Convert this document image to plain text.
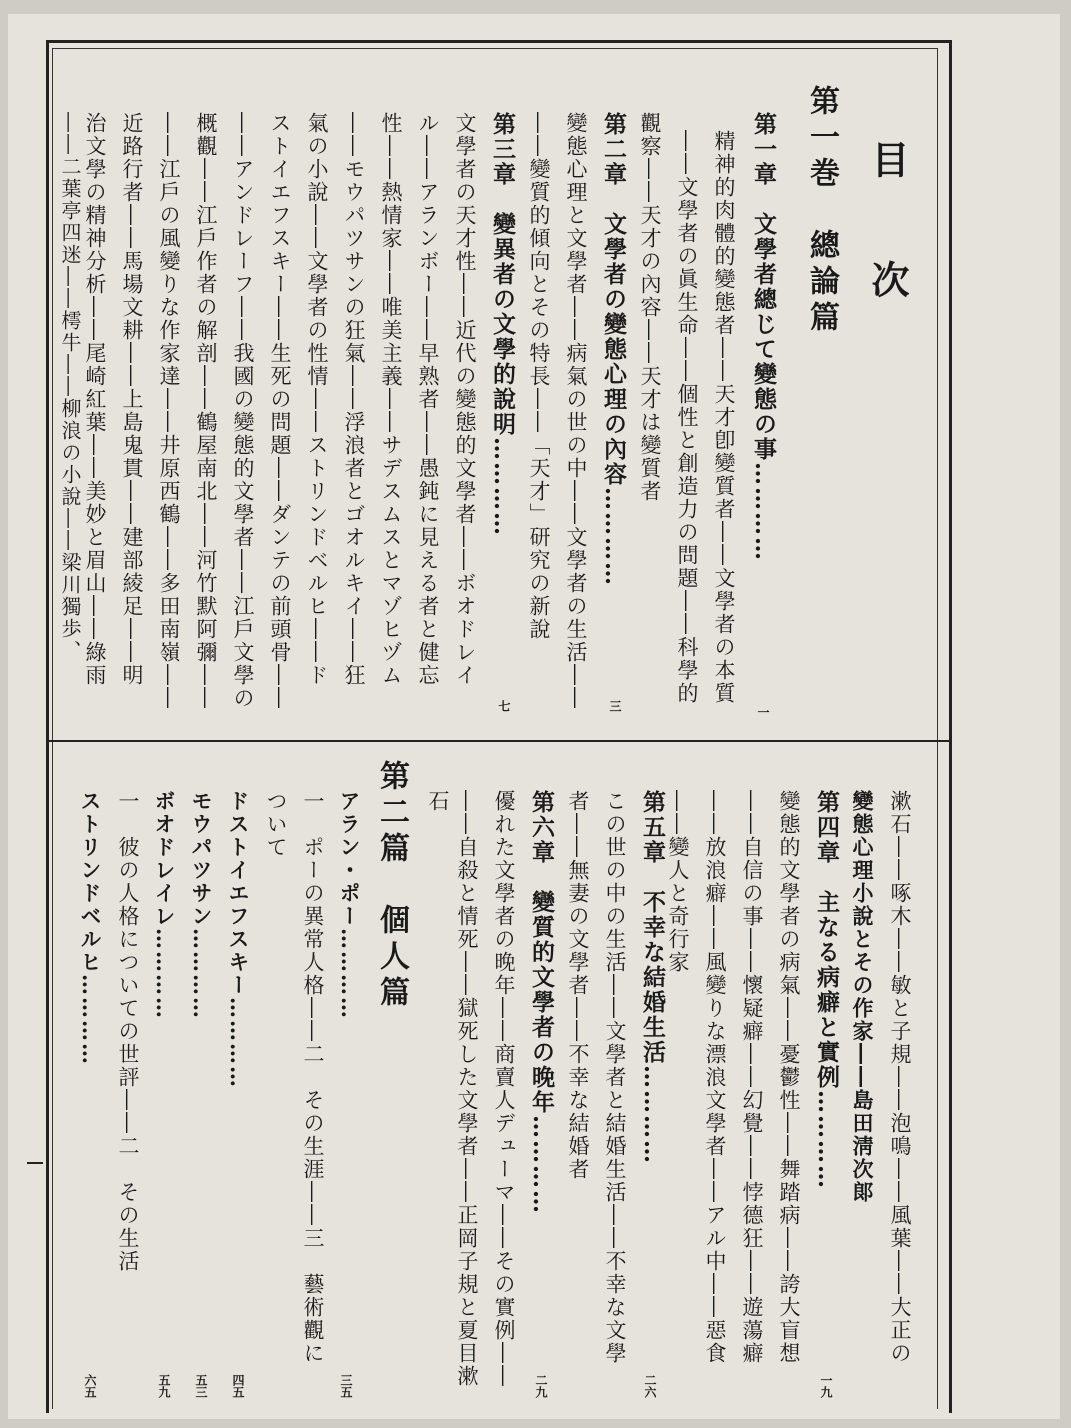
目次
第一巻　總論篇
第一章　文學者總じて變態の事…………
精神的肉體的變態者――天才卽變質者――文學者の本質
――文學者の眞生命――個性と創造力の問題――科學的
觀察――天才の內容――天才は變質者
第二章　文學者の變態心理の內容…………
變態心理と文學者――病氣の世の中――文學者の生活――
――變質的傾向とその特長――「天才」研究の新說
第三章　變異者の文學的說明…………
文學者の天才性――近代の變態的文學者――ボオドレイ
ル――アランボー――早熟者――愚鈍に見える者と健忘
性――熱情家――唯美主義――サデスムスとマゾヒヅム
――モウパツサンの狂氣――浮浪者とゴオルキイ――狂
氣の小說――文學者の性情――ストリンドベルヒ――ド
ストイエフスキー――生死の問題――ダンテの前頭骨――
――アンドレーフ――我國の變態的文學者――江戶文學の
概觀――江戶作者の解剖――鶴屋南北――河竹默阿彌――
――江戶の風變りな作家達――井原西鶴――多田南嶺――
近路行者――馬場文耕――上島鬼貫――建部綾足――明
治文學の精神分析――尾崎紅葉――美妙と眉山――綠雨
――二葉亭四迷――樗牛――柳浪の小說――梁川獨歩、
一
三
七
漱石――啄木――敏と子規――泡鳴――風葉――大正の
變態心理小說とその作家――島田淸次郞
第四章　主なる病癖と實例…………
變態的文學者の病氣――憂鬱性――舞踏病――誇大盲想
――自信の事――懷疑癖――幻覺――悖德狂――遊蕩癖
――放浪癖――風變りな漂浪文學者――アル中――惡食
――變人と奇行家
第五章　不幸な結婚生活…………
この世の中の生活――文學者と結婚生活――不幸な文學
者――無妻の文學者――不幸な結婚者
第六章　變質的文學者の晚年…………
優れた文學者の晚年――商賣人デューマ――その實例――
――自殺と情死――獄死した文學者――正岡子規と夏目漱
石
第二篇　個人篇
アラン・ポー…………
一　ポーの異常人格――二　その生涯――三　藝術觀に
ついて
ドストイエフスキー…………
モウパツサン…………
ボオドレイレ…………
一　彼の人格についての世評――二　その生活
ストリンドベルヒ…………
一九
二六
二九
三五
四五
五三
五九
六五
